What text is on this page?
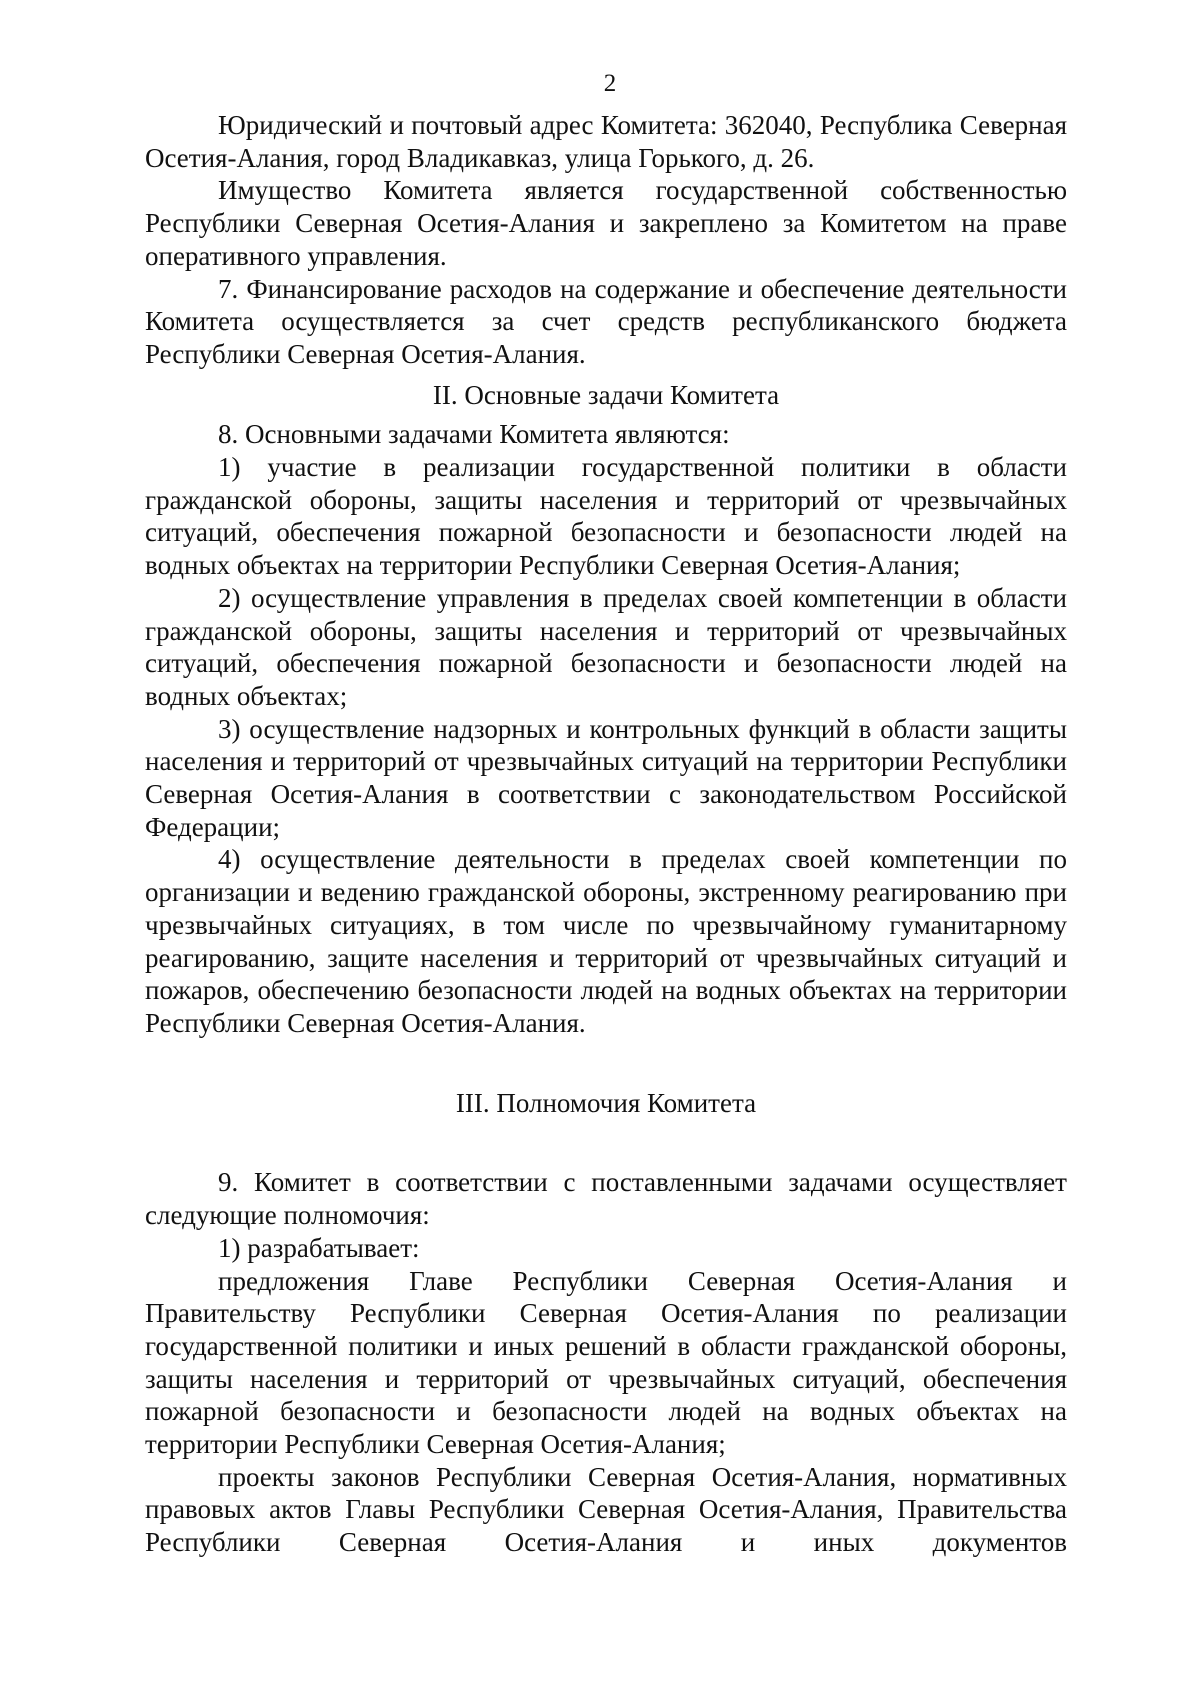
2

Юридический и почтовый адрес Комитета: 362040, Республика Северная Осетия-Алания, город Владикавказ, улица Горького, д. 26.

Имущество Комитета является государственной собственностью Республики Северная Осетия-Алания и закреплено за Комитетом на праве оперативного управления.

7. Финансирование расходов на содержание и обеспечение деятельности Комитета осуществляется за счет средств республиканского бюджета Республики Северная Осетия-Алания.

II. Основные задачи Комитета

8. Основными задачами Комитета являются:

1) участие в реализации государственной политики в области гражданской обороны, защиты населения и территорий от чрезвычайных ситуаций, обеспечения пожарной безопасности и безопасности людей на водных объектах на территории Республики Северная Осетия-Алания;

2) осуществление управления в пределах своей компетенции в области гражданской обороны, защиты населения и территорий от чрезвычайных ситуаций, обеспечения пожарной безопасности и безопасности людей на водных объектах;

3) осуществление надзорных и контрольных функций в области защиты населения и территорий от чрезвычайных ситуаций на территории Республики Северная Осетия-Алания в соответствии с законодательством Российской Федерации;

4) осуществление деятельности в пределах своей компетенции по организации и ведению гражданской обороны, экстренному реагированию при чрезвычайных ситуациях, в том числе по чрезвычайному гуманитарному реагированию, защите населения и территорий от чрезвычайных ситуаций и пожаров, обеспечению безопасности людей на водных объектах на территории Республики Северная Осетия-Алания.

III. Полномочия Комитета

9. Комитет в соответствии с поставленными задачами осуществляет следующие полномочия:

1) разрабатывает:

предложения Главе Республики Северная Осетия-Алания и Правительству Республики Северная Осетия-Алания по реализации государственной политики и иных решений в области гражданской обороны, защиты населения и территорий от чрезвычайных ситуаций, обеспечения пожарной безопасности и безопасности людей на водных объектах на территории Республики Северная Осетия-Алания;

проекты законов Республики Северная Осетия-Алания, нормативных правовых актов Главы Республики Северная Осетия-Алания, Правительства Республики Северная Осетия-Алания и иных документов
